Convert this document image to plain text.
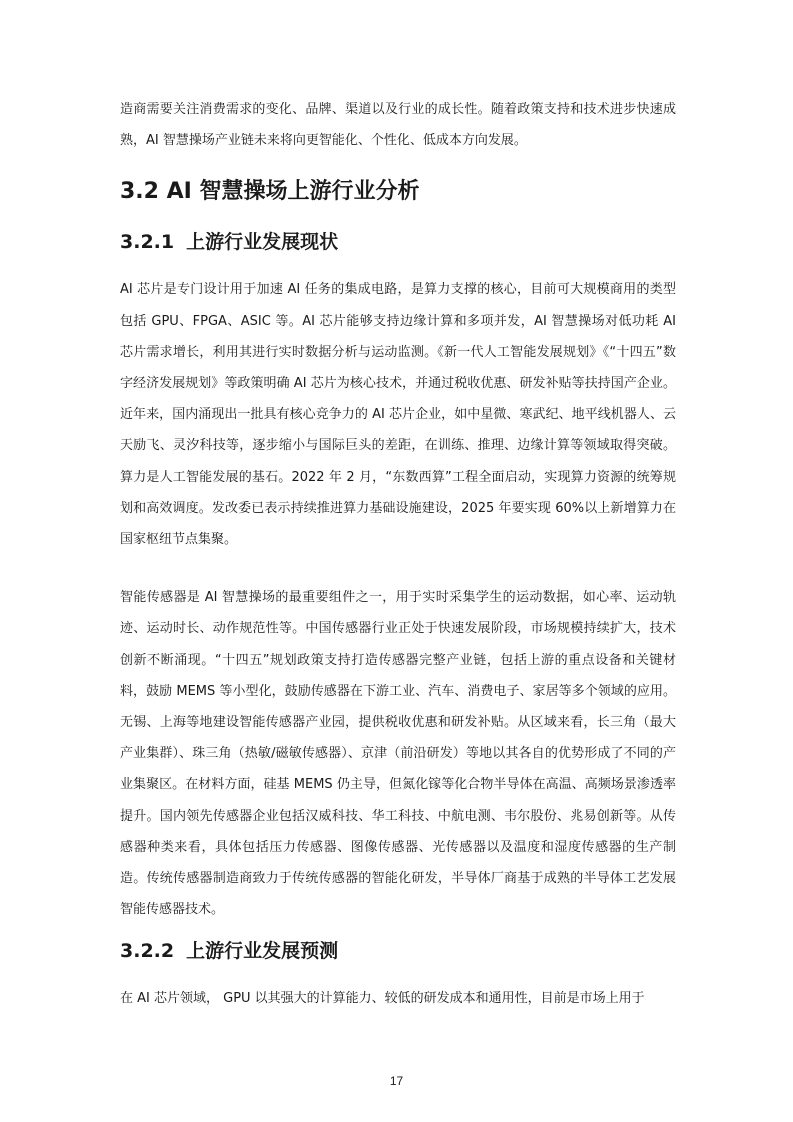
造商需要关注消费需求的变化、品牌、渠道以及行业的成长性。随着政策支持和技术进步快速成熟，AI 智慧操场产业链未来将向更智能化、个性化、低成本方向发展。

3.2 AI 智慧操场上游行业分析
3.2.1 上游行业发展现状

AI 芯片是专门设计用于加速 AI 任务的集成电路，是算力支撑的核心，目前可大规模商用的类型包括 GPU、FPGA、ASIC 等。AI 芯片能够支持边缘计算和多项并发，AI 智慧操场对低功耗 AI 芯片需求增长，利用其进行实时数据分析与运动监测。《新一代人工智能发展规划》《“十四五”数字经济发展规划》等政策明确 AI 芯片为核心技术，并通过税收优惠、研发补贴等扶持国产企业。近年来，国内涌现出一批具有核心竞争力的 AI 芯片企业，如中星微、寒武纪、地平线机器人、云天励飞、灵汐科技等，逐步缩小与国际巨头的差距，在训练、推理、边缘计算等领域取得突破。算力是人工智能发展的基石。2022 年 2 月，“东数西算”工程全面启动，实现算力资源的统筹规划和高效调度。发改委已表示持续推进算力基础设施建设，2025 年要实现 60%以上新增算力在国家枢纽节点集聚。

智能传感器是 AI 智慧操场的最重要组件之一，用于实时采集学生的运动数据，如心率、运动轨迹、运动时长、动作规范性等。中国传感器行业正处于快速发展阶段，市场规模持续扩大，技术创新不断涌现。“十四五”规划政策支持打造传感器完整产业链，包括上游的重点设备和关键材料，鼓励 MEMS 等小型化，鼓励传感器在下游工业、汽车、消费电子、家居等多个领域的应用。无锡、上海等地建设智能传感器产业园，提供税收优惠和研发补贴。从区域来看，长三角（最大产业集群）、珠三角（热敏/磁敏传感器）、京津（前沿研发）等地以其各自的优势形成了不同的产业集聚区。在材料方面，硅基 MEMS 仍主导，但氮化镓等化合物半导体在高温、高频场景渗透率提升。国内领先传感器企业包括汉威科技、华工科技、中航电测、韦尔股份、兆易创新等。从传感器种类来看，具体包括压力传感器、图像传感器、光传感器以及温度和湿度传感器的生产制造。传统传感器制造商致力于传统传感器的智能化研发，半导体厂商基于成熟的半导体工艺发展智能传感器技术。

3.2.2 上游行业发展预测

在 AI 芯片领域， GPU 以其强大的计算能力、较低的研发成本和通用性，目前是市场上用于

17
